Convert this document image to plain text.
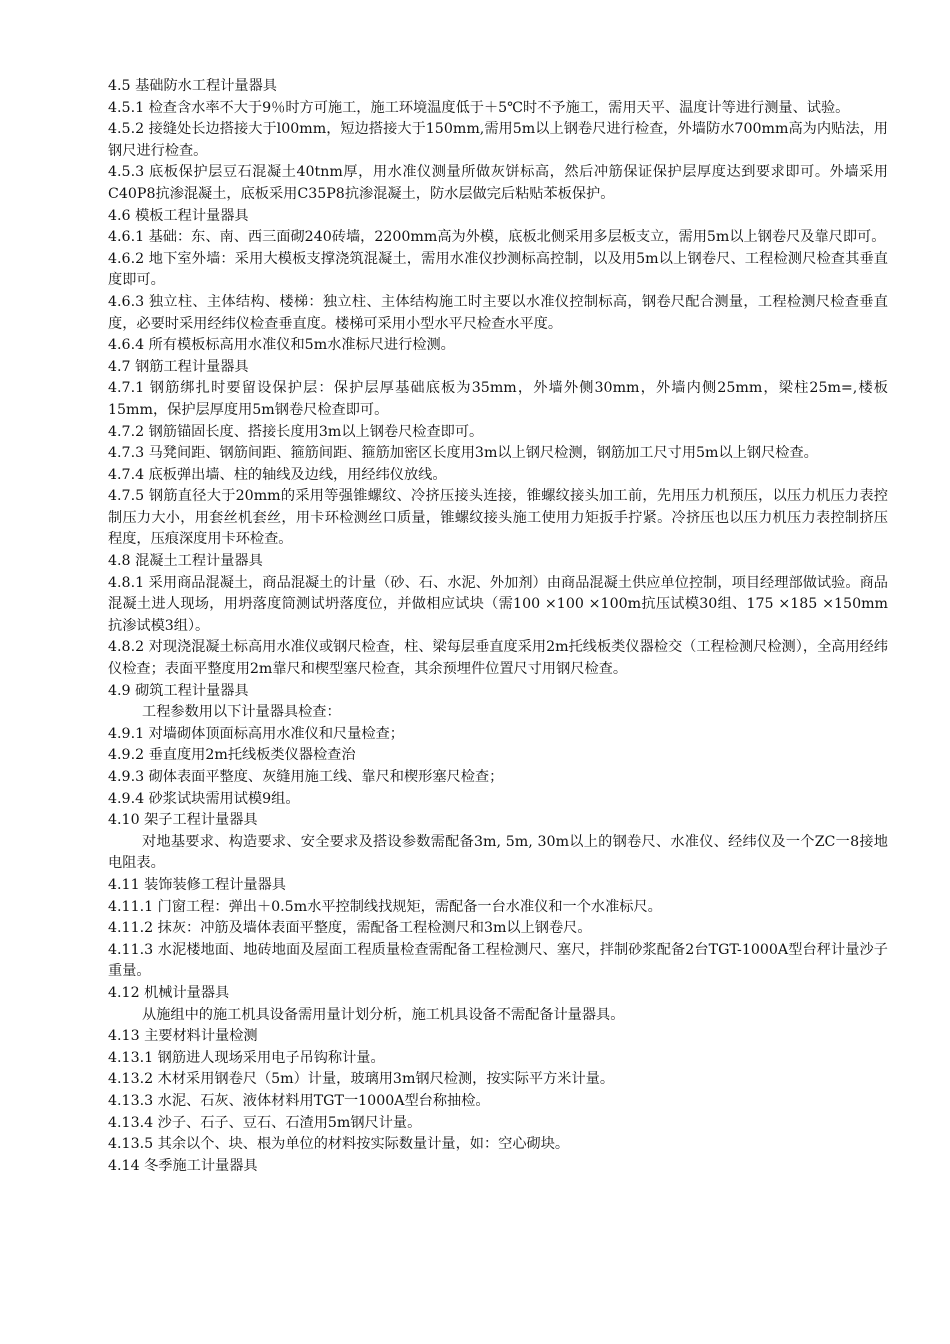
4.5 基础防水工程计量器具

4.5.1 检查含水率不大于9％时方可施工，施工环境温度低于＋5℃时不予施工，需用天平、温度计等进行测量、试验。

4.5.2 接缝处长边搭接大于l00mm，短边搭接大于150mm,需用5m以上钢卷尺进行检查，外墙防水700mm高为内贴法，用钢尺进行检查。

4.5.3 底板保护层豆石混凝土40tnm厚，用水准仪测量所做灰饼标高，然后冲筋保证保护层厚度达到要求即可。外墙采用C40P8抗渗混凝土，底板采用C35P8抗渗混凝土，防水层做完后粘贴苯板保护。

4.6 模板工程计量器具

4.6.1 基础：东、南、西三面砌240砖墙，2200mm高为外模，底板北侧采用多层板支立，需用5m以上钢卷尺及靠尺即可。

4.6.2 地下室外墙：采用大模板支撑浇筑混凝土，需用水准仪抄测标高控制，以及用5m以上钢卷尺、工程检测尺检查其垂直度即可。

4.6.3 独立柱、主体结构、楼梯：独立柱、主体结构施工时主要以水准仪控制标高，钢卷尺配合测量，工程检测尺检查垂直度，必要时采用经纬仪检查垂直度。楼梯可采用小型水平尺检查水平度。

4.6.4 所有模板标高用水准仪和5m水准标尺进行检测。

4.7 钢筋工程计量器具

4.7.1 钢筋绑扎时要留设保护层：保护层厚基础底板为35mm，外墙外侧30mm，外墙内侧25mm，梁柱25m=,楼板15mm，保护层厚度用5m钢卷尺检查即可。

4.7.2 钢筋锚固长度、搭接长度用3m以上钢卷尺检查即可。

4.7.3 马凳间距、钢筋间距、箍筋间距、箍筋加密区长度用3m以上钢尺检测，钢筋加工尺寸用5m以上钢尺检查。

4.7.4 底板弹出墙、柱的轴线及边线，用经纬仪放线。

4.7.5 钢筋直径大于20mm的采用等强锥螺纹、冷挤压接头连接，锥螺纹接头加工前，先用压力机预压，以压力机压力表控制压力大小，用套丝机套丝，用卡环检测丝口质量，锥螺纹接头施工使用力矩扳手拧紧。冷挤压也以压力机压力表控制挤压程度，压痕深度用卡环检查。

4.8 混凝土工程计量器具

4.8.1 采用商品混凝土，商品混凝土的计量（砂、石、水泥、外加剂）由商品混凝土供应单位控制，项目经理部做试验。商品混凝土进人现场，用坍落度筒测试坍落度位，并做相应试块（需100 ×100 ×100m抗压试模30组、175 ×185 ×150mm抗渗试模3组）。

4.8.2 对现浇混凝土标高用水准仪或钢尺检查，柱、梁每层垂直度采用2m托线板类仪器检交（工程检测尺检测），全高用经纬仪检查；表面平整度用2m靠尺和楔型塞尺检查，其余预埋件位置尺寸用钢尺检查。

4.9 砌筑工程计量器具

工程参数用以下计量器具检查：

4.9.1 对墙砌体顶面标高用水准仪和尺量检查；

4.9.2 垂直度用2m托线板类仪器检查治

4.9.3 砌体表面平整度、灰缝用施工线、靠尺和楔形塞尺检查；

4.9.4 砂浆试块需用试模9组。

4.10 架子工程计量器具

对地基要求、构造要求、安全要求及搭设参数需配备3m, 5m, 30m以上的钢卷尺、水准仪、经纬仪及一个ZC一8接地电阻表。

4.11 装饰装修工程计量器具

4.11.1 门窗工程：弹出＋0.5m水平控制线找规矩，需配备一台水准仪和一个水准标尺。

4.11.2 抹灰：冲筋及墙体表面平整度，需配备工程检测尺和3m以上钢卷尺。

4.11.3 水泥楼地面、地砖地面及屋面工程质量检查需配备工程检测尺、塞尺，拌制砂浆配备2台TGT-1000A型台秤计量沙子重量。

4.12 机械计量器具

从施组中的施工机具设备需用量计划分析，施工机具设备不需配备计量器具。

4.13 主要材料计量检测

4.13.1 钢筋进人现场采用电子吊钩称计量。

4.13.2 木材采用钢卷尺（5m）计量，玻璃用3m钢尺检测，按实际平方米计量。

4.13.3 水泥、石灰、液体材料用TGT一1000A型台称抽检。

4.13.4 沙子、石子、豆石、石渣用5m钢尺计量。

4.13.5 其余以个、块、根为单位的材料按实际数量计量，如：空心砌块。

4.14 冬季施工计量器具
